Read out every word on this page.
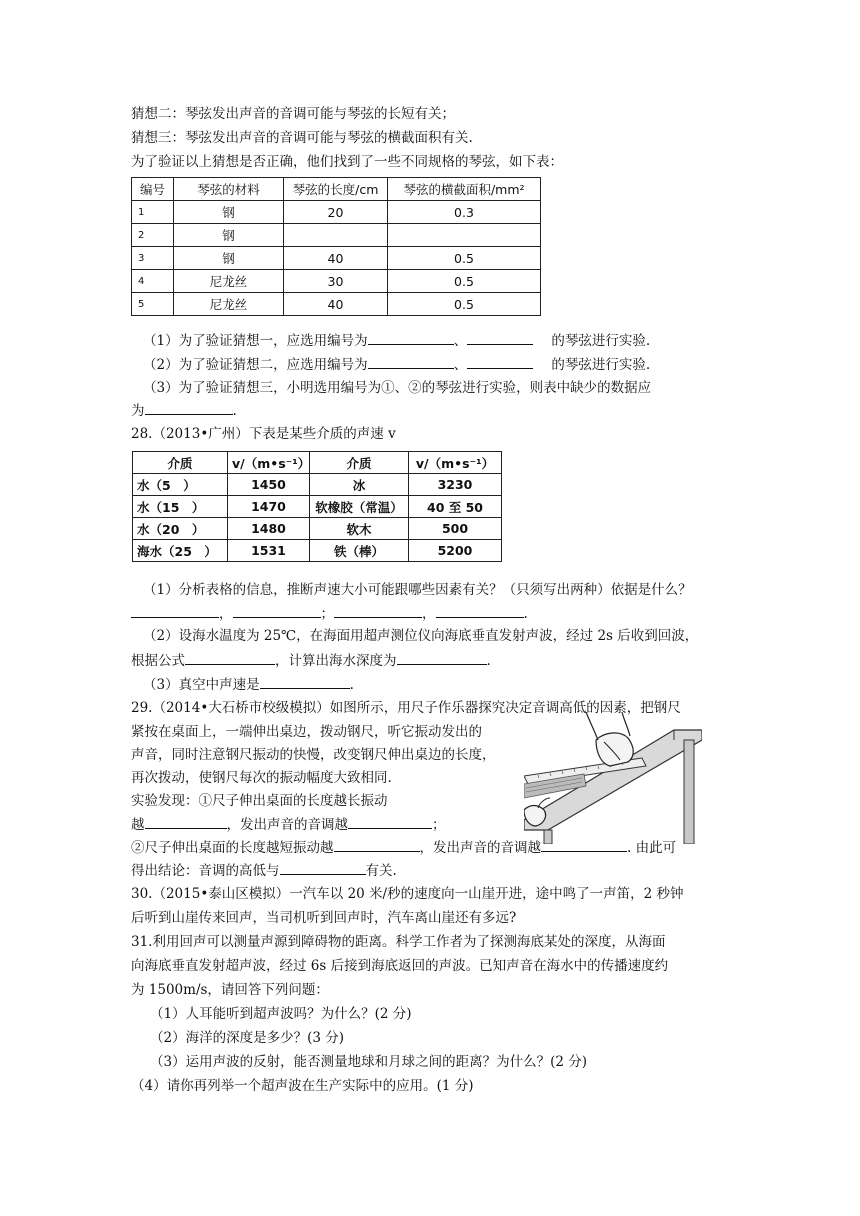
猜想二：琴弦发出声音的音调可能与琴弦的长短有关；
猜想三：琴弦发出声音的音调可能与琴弦的横截面积有关.
为了验证以上猜想是否正确，他们找到了一些不同规格的琴弦，如下表：
编号	琴弦的材料	琴弦的长度/cm	琴弦的横截面积/mm²
1	钢	20	0.3
2	钢		
3	钢	40	0.5
4	尼龙丝	30	0.5
5	尼龙丝	40	0.5
（1）为了验证猜想一，应选用编号为	、	的琴弦进行实验.
（2）为了验证猜想二，应选用编号为	、	的琴弦进行实验.
（3）为了验证猜想三，小明选用编号为①、②的琴弦进行实验，则表中缺少的数据应
为	.
28.（2013•广州）下表是某些介质的声速 v
介质	v/（m•s⁻¹）	介质	v/（m•s⁻¹）
水（5　）	1450	冰	3230
水（15　）	1470	软橡胶（常温）	40 至 50
水（20　）	1480	软木	500
海水（25　）	1531	铁（棒）	5200
（1）分析表格的信息，推断声速大小可能跟哪些因素有关？（只须写出两种）依据是什么？
，	；	，	.
（2）设海水温度为 25℃，在海面用超声测位仪向海底垂直发射声波，经过 2s 后收到回波，
根据公式	，计算出海水深度为	.
（3）真空中声速是	.
29.（2014•大石桥市校级模拟）如图所示，用尺子作乐器探究决定音调高低的因素，把钢尺
紧按在桌面上，一端伸出桌边，拨动钢尺，听它振动发出的
声音，同时注意钢尺振动的快慢，改变钢尺伸出桌边的长度，
再次拨动，使钢尺每次的振动幅度大致相同.
实验发现：①尺子伸出桌面的长度越长振动
越	，发出声音的音调越	；
②尺子伸出桌面的长度越短振动越	，发出声音的音调越	. 由此可
得出结论：音调的高低与	有关.
30.（2015•泰山区模拟）一汽车以 20 米/秒的速度向一山崖开进，途中鸣了一声笛，2 秒钟
后听到山崖传来回声，当司机听到回声时，汽车离山崖还有多远?
31.利用回声可以测量声源到障碍物的距离。科学工作者为了探测海底某处的深度，从海面
向海底垂直发射超声波，经过 6s 后接到海底返回的声波。已知声音在海水中的传播速度约
为 1500m/s，请回答下列问题：
（1）人耳能听到超声波吗？为什么？(2 分)
（2）海洋的深度是多少？(3 分)
（3）运用声波的反射，能否测量地球和月球之间的距离？为什么？(2 分)
（4）请你再列举一个超声波在生产实际中的应用。(1 分)
